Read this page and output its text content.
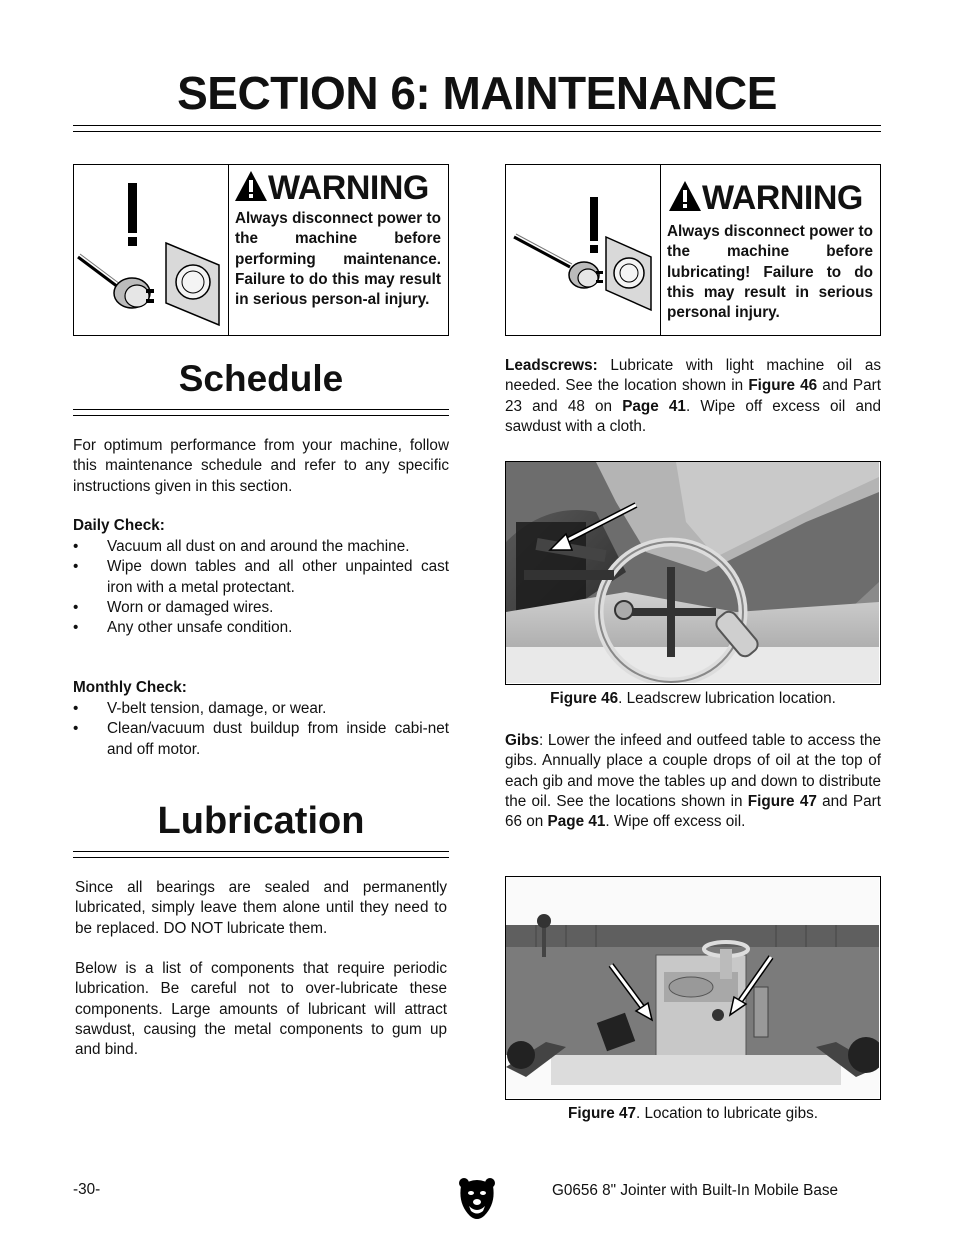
SECTION 6: MAINTENANCE
WARNING
Always disconnect power to the machine before performing maintenance. Failure to do this may result in serious person-al injury.
WARNING
Always disconnect power to the machine before lubricating! Failure to do this may result in serious personal injury.
Schedule
For optimum performance from your machine, follow this maintenance schedule and refer to any specific instructions given in this section.
Daily Check:
• Vacuum all dust on and around the machine.
• Wipe down tables and all other unpainted cast iron with a metal protectant.
• Worn or damaged wires.
• Any other unsafe condition.
Monthly Check:
• V-belt tension, damage, or wear.
• Clean/vacuum dust buildup from inside cabi-net and off motor.
Lubrication
Since all bearings are sealed and permanently lubricated, simply leave them alone until they need to be replaced. DO NOT lubricate them.
Below is a list of components that require periodic lubrication. Be careful not to over-lubricate these components. Large amounts of lubricant will attract sawdust, causing the metal components to gum up and bind.
Leadscrews: Lubricate with light machine oil as needed. See the location shown in Figure 46 and Part 23 and 48 on Page 41. Wipe off excess oil and sawdust with a cloth.
Figure 46. Leadscrew lubrication location.
Gibs: Lower the infeed and outfeed table to access the gibs. Annually place a couple drops of oil at the top of each gib and move the tables up and down to distribute the oil. See the locations shown in Figure 47 and Part 66 on Page 41. Wipe off excess oil.
Figure 47. Location to lubricate gibs.
-30-	G0656 8" Jointer with Built-In Mobile Base
